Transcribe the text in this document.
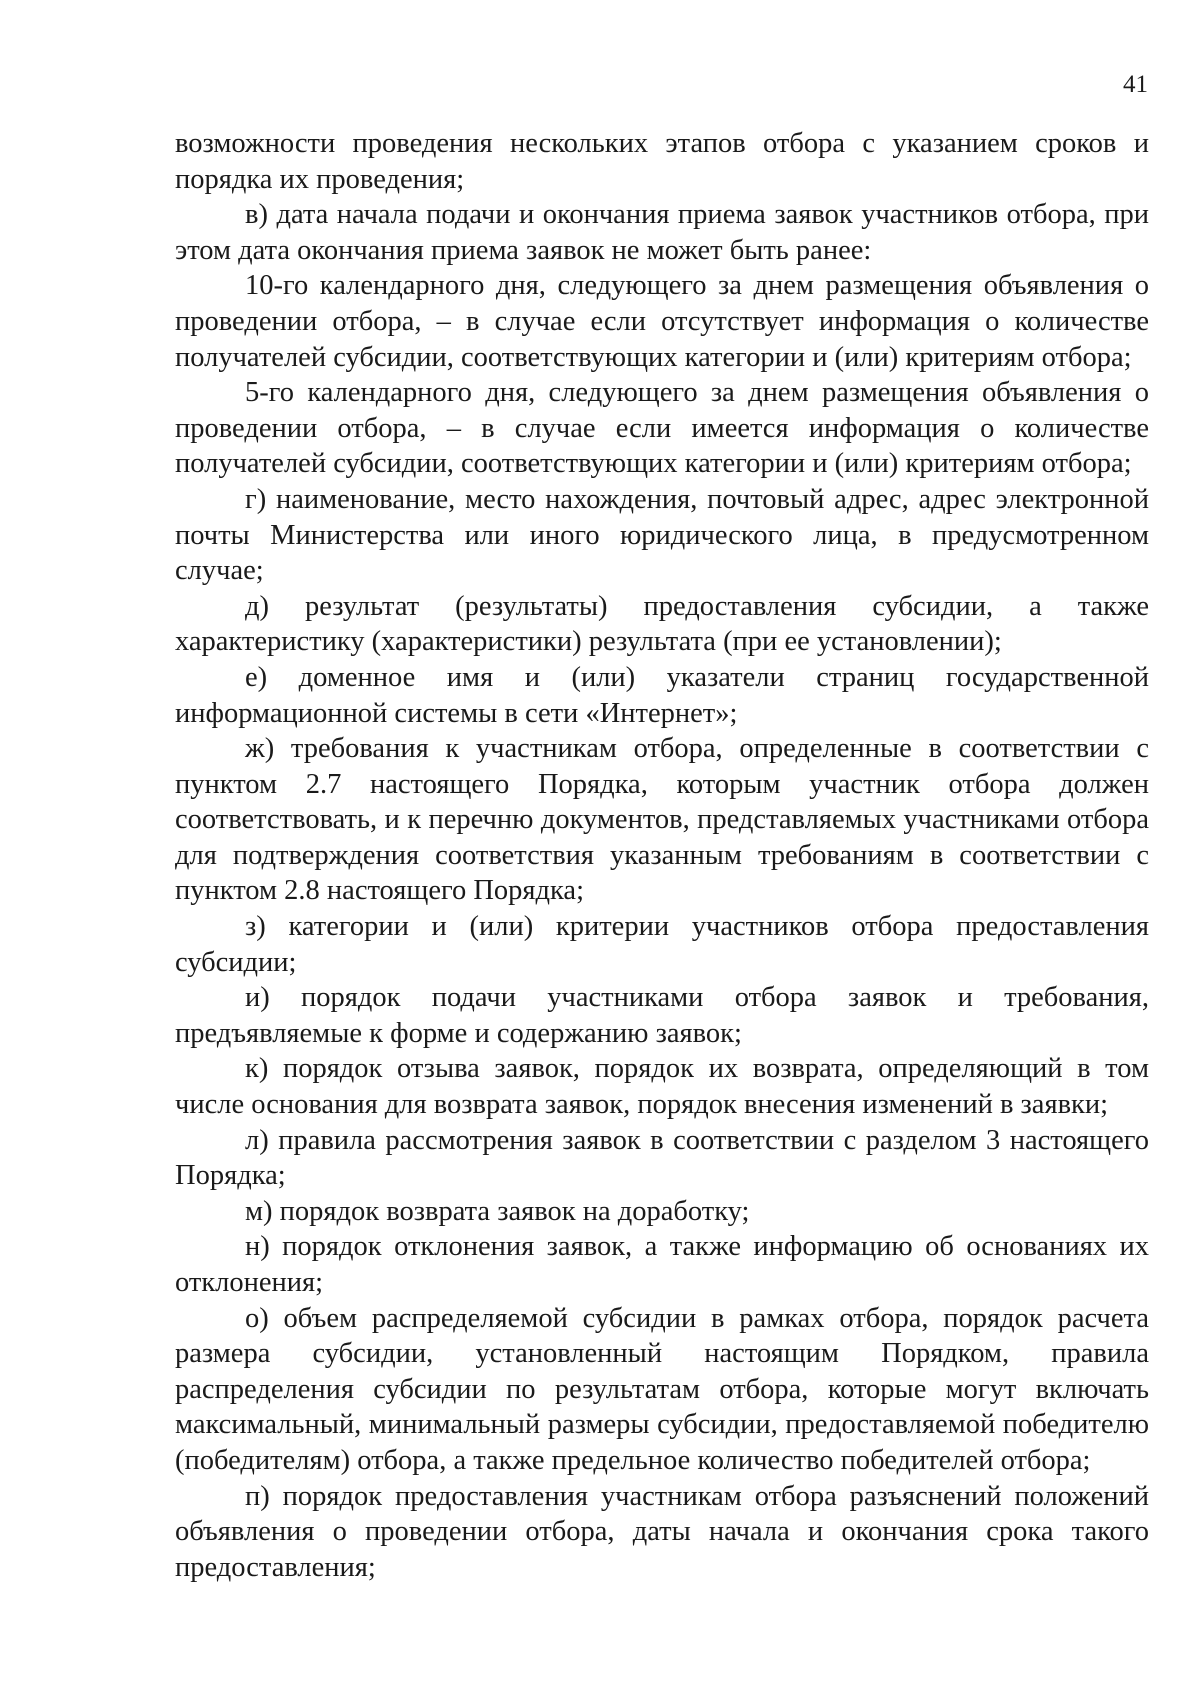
41

возможности проведения нескольких этапов отбора с указанием сроков и порядка их проведения;

в) дата начала подачи и окончания приема заявок участников отбора, при этом дата окончания приема заявок не может быть ранее:

10-го календарного дня, следующего за днем размещения объявления о проведении отбора, – в случае если отсутствует информация о количестве получателей субсидии, соответствующих категории и (или) критериям отбора;

5-го календарного дня, следующего за днем размещения объявления о проведении отбора, – в случае если имеется информация о количестве получателей субсидии, соответствующих категории и (или) критериям отбора;

г) наименование, место нахождения, почтовый адрес, адрес электронной почты Министерства или иного юридического лица, в предусмотренном случае;

д) результат (результаты) предоставления субсидии, а также характеристику (характеристики) результата (при ее установлении);

е) доменное имя и (или) указатели страниц государственной информационной системы в сети «Интернет»;

ж) требования к участникам отбора, определенные в соответствии с пунктом 2.7 настоящего Порядка, которым участник отбора должен соответствовать, и к перечню документов, представляемых участниками отбора для подтверждения соответствия указанным требованиям в соответствии с пунктом 2.8 настоящего Порядка;

з) категории и (или) критерии участников отбора предоставления субсидии;

и) порядок подачи участниками отбора заявок и требования, предъявляемые к форме и содержанию заявок;

к) порядок отзыва заявок, порядок их возврата, определяющий в том числе основания для возврата заявок, порядок внесения изменений в заявки;

л) правила рассмотрения заявок в соответствии с разделом 3 настоящего Порядка;

м) порядок возврата заявок на доработку;

н) порядок отклонения заявок, а также информацию об основаниях их отклонения;

о) объем распределяемой субсидии в рамках отбора, порядок расчета размера субсидии, установленный настоящим Порядком, правила распределения субсидии по результатам отбора, которые могут включать максимальный, минимальный размеры субсидии, предоставляемой победителю (победителям) отбора, а также предельное количество победителей отбора;

п) порядок предоставления участникам отбора разъяснений положений объявления о проведении отбора, даты начала и окончания срока такого предоставления;
